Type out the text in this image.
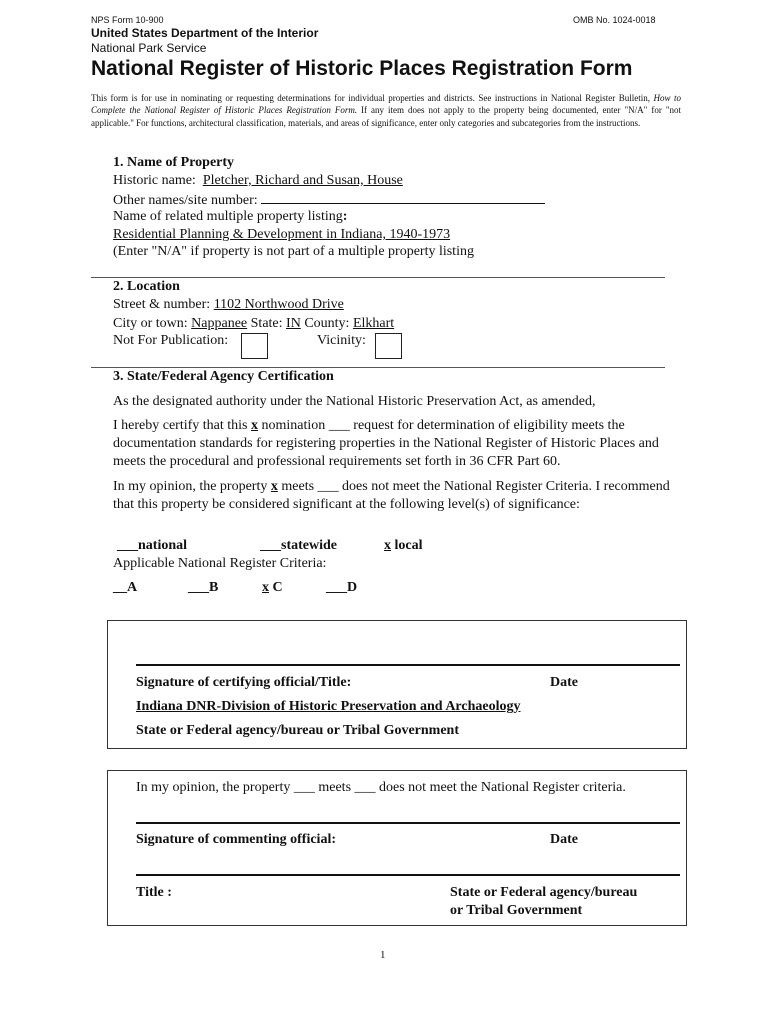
NPS Form 10-900	OMB No. 1024-0018
United States Department of the Interior
National Park Service
National Register of Historic Places Registration Form
This form is for use in nominating or requesting determinations for individual properties and districts. See instructions in National Register Bulletin, How to Complete the National Register of Historic Places Registration Form. If any item does not apply to the property being documented, enter "N/A" for "not applicable." For functions, architectural classification, materials, and areas of significance, enter only categories and subcategories from the instructions.
1. Name of Property
Historic name: Pletcher, Richard and Susan, House
Other names/site number:
Name of related multiple property listing:
Residential Planning & Development in Indiana, 1940-1973
(Enter "N/A" if property is not part of a multiple property listing
2. Location
Street & number: 1102 Northwood Drive
City or town: Nappanee State: IN County: Elkhart
Not For Publication:	Vicinity:
3. State/Federal Agency Certification
As the designated authority under the National Historic Preservation Act, as amended,
I hereby certify that this x nomination ___ request for determination of eligibility meets the documentation standards for registering properties in the National Register of Historic Places and meets the procedural and professional requirements set forth in 36 CFR Part 60.
In my opinion, the property x meets ___ does not meet the National Register Criteria. I recommend that this property be considered significant at the following level(s) of significance:
___national	___statewide	x local
Applicable National Register Criteria:
__A	___B	x C	___D
Signature of certifying official/Title:	Date
Indiana DNR-Division of Historic Preservation and Archaeology
State or Federal agency/bureau or Tribal Government
In my opinion, the property ___ meets ___ does not meet the National Register criteria.
Signature of commenting official:	Date
Title :	State or Federal agency/bureau
or Tribal Government
1
